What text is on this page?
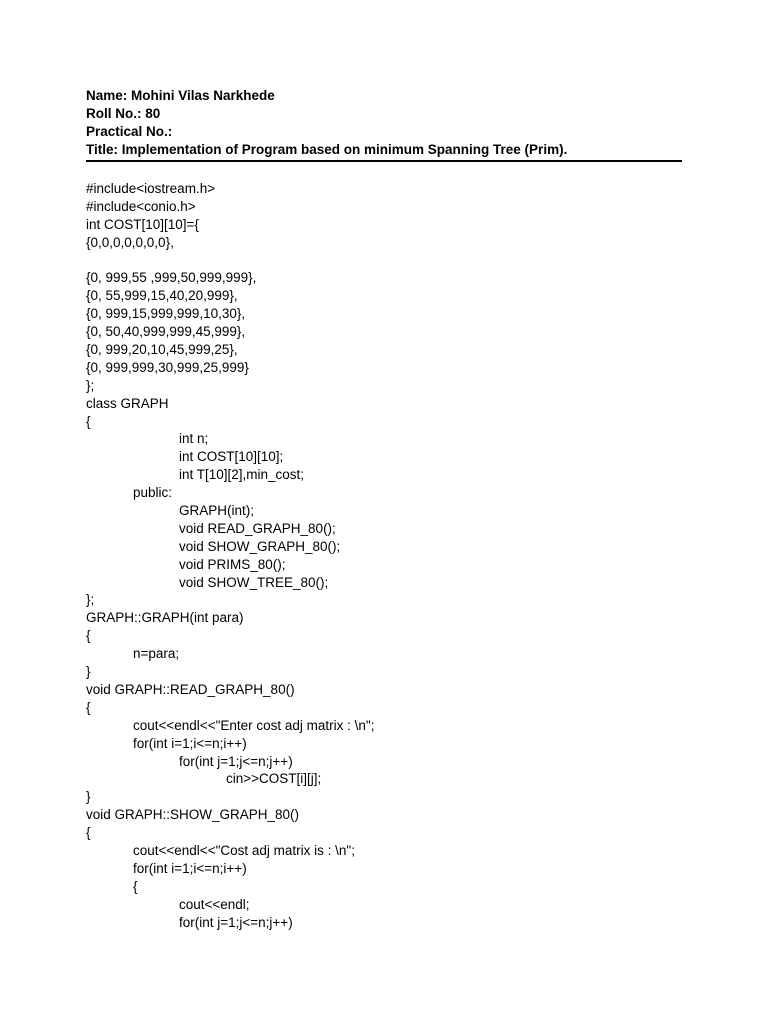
Name: Mohini Vilas Narkhede
Roll No.: 80
Practical No.:
Title: Implementation of Program based on minimum Spanning Tree (Prim).
#include<iostream.h>
#include<conio.h>
int COST[10][10]={
{0,0,0,0,0,0,0},
{0, 999,55 ,999,50,999,999},
{0, 55,999,15,40,20,999},
{0, 999,15,999,999,10,30},
{0, 50,40,999,999,45,999},
{0, 999,20,10,45,999,25},
{0, 999,999,30,999,25,999}
};
class GRAPH
{
int n;
int COST[10][10];
int T[10][2],min_cost;
public:
GRAPH(int);
void READ_GRAPH_80();
void SHOW_GRAPH_80();
void PRIMS_80();
void SHOW_TREE_80();
};
GRAPH::GRAPH(int para)
{
n=para;
}
void GRAPH::READ_GRAPH_80()
{
cout<<endl<<"Enter cost adj matrix : \n";
for(int i=1;i<=n;i++)
for(int j=1;j<=n;j++)
cin>>COST[i][j];
}
void GRAPH::SHOW_GRAPH_80()
{
cout<<endl<<"Cost adj matrix is : \n";
for(int i=1;i<=n;i++)
{
cout<<endl;
for(int j=1;j<=n;j++)
